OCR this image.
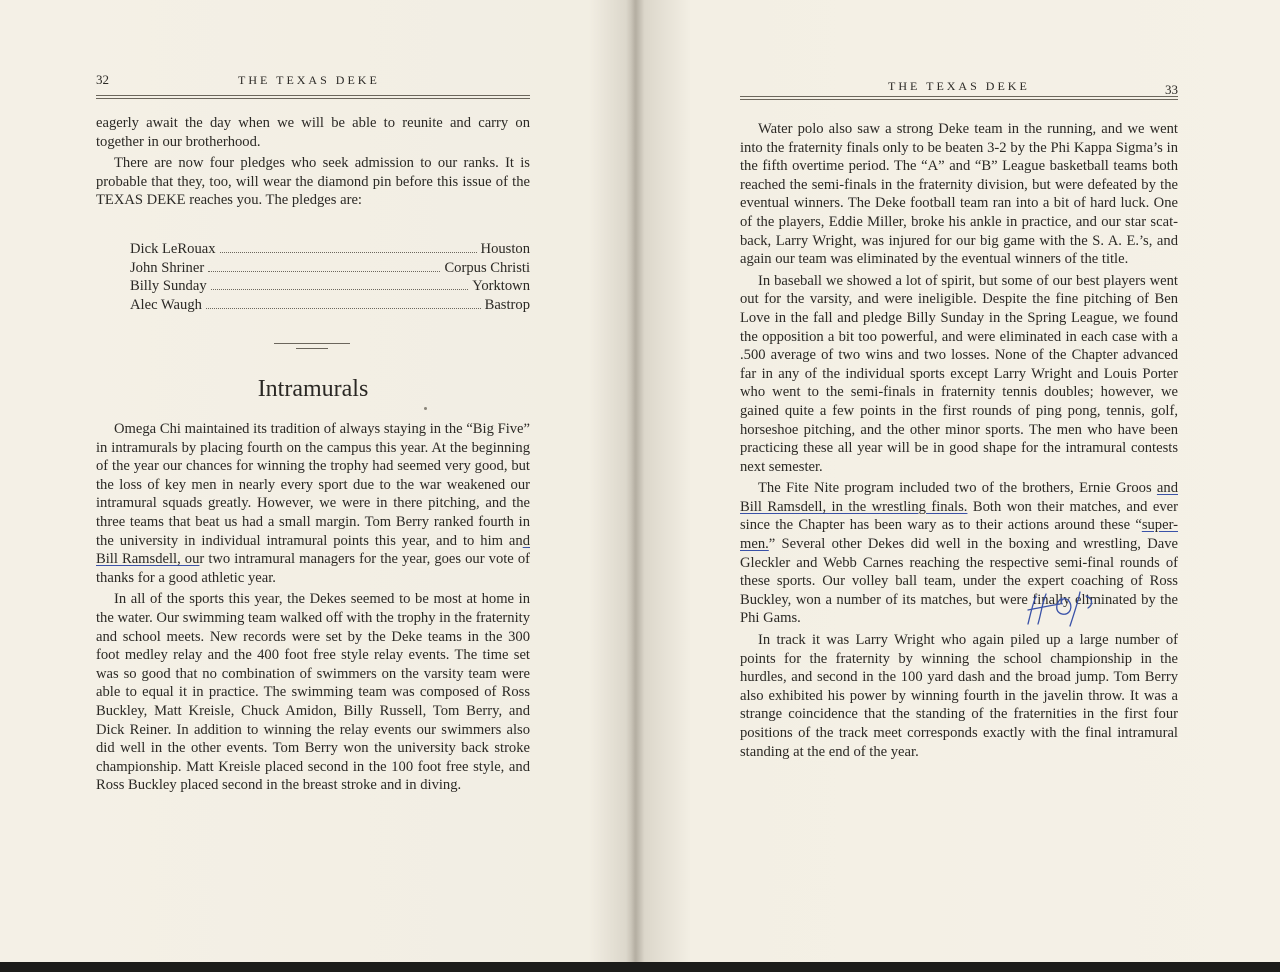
32	THE TEXAS DEKE

eagerly await the day when we will be able to reunite and carry on together in our brotherhood.

There are now four pledges who seek admission to our ranks. It is probable that they, too, will wear the diamond pin before this issue of the TEXAS DEKE reaches you. The pledges are:

Dick LeRouax	Houston
John Shriner	Corpus Christi
Billy Sunday	Yorktown
Alec Waugh	Bastrop
Intramurals

Omega Chi maintained its tradition of always staying in the “Big Five” in intramurals by placing fourth on the campus this year. At the beginning of the year our chances for winning the trophy had seemed very good, but the loss of key men in nearly every sport due to the war weakened our intramural squads greatly. However, we were in there pitching, and the three teams that beat us had a small margin. Tom Berry ranked fourth in the university in individual intramural points this year, and to him and Bill Ramsdell, our two intramural managers for the year, goes our vote of thanks for a good athletic year.

In all of the sports this year, the Dekes seemed to be most at home in the water. Our swimming team walked off with the trophy in the fraternity and school meets. New records were set by the Deke teams in the 300 foot medley relay and the 400 foot free style relay events. The time set was so good that no combination of swimmers on the varsity team were able to equal it in practice. The swimming team was composed of Ross Buckley, Matt Kreisle, Chuck Amidon, Billy Russell, Tom Berry, and Dick Reiner. In addition to winning the relay events our swimmers also did well in the other events. Tom Berry won the university back stroke championship. Matt Kreisle placed second in the 100 foot free style, and Ross Buckley placed second in the breast stroke and in diving.

THE TEXAS DEKE	33

Water polo also saw a strong Deke team in the running, and we went into the fraternity finals only to be beaten 3-2 by the Phi Kappa Sigma’s in the fifth overtime period. The “A” and “B” League basketball teams both reached the semi-finals in the fraternity division, but were defeated by the eventual winners. The Deke football team ran into a bit of hard luck. One of the players, Eddie Miller, broke his ankle in practice, and our star scat-back, Larry Wright, was injured for our big game with the S. A. E.’s, and again our team was eliminated by the eventual winners of the title.

In baseball we showed a lot of spirit, but some of our best players went out for the varsity, and were ineligible. Despite the fine pitching of Ben Love in the fall and pledge Billy Sunday in the Spring League, we found the opposition a bit too powerful, and were eliminated in each case with a .500 average of two wins and two losses. None of the Chapter advanced far in any of the individual sports except Larry Wright and Louis Porter who went to the semi-finals in fraternity tennis doubles; however, we gained quite a few points in the first rounds of ping pong, tennis, golf, horseshoe pitching, and the other minor sports. The men who have been practicing these all year will be in good shape for the intramural contests next semester.

The Fite Nite program included two of the brothers, Ernie Groos and Bill Ramsdell, in the wrestling finals. Both won their matches, and ever since the Chapter has been wary as to their actions around these “super-men.” Several other Dekes did well in the boxing and wrestling, Dave Gleckler and Webb Carnes reaching the respective semi-final rounds of these sports. Our volley ball team, under the expert coaching of Ross Buckley, won a number of its matches, but were finally eliminated by the Phi Gams.

In track it was Larry Wright who again piled up a large number of points for the fraternity by winning the school championship in the hurdles, and second in the 100 yard dash and the broad jump. Tom Berry also exhibited his power by winning fourth in the javelin throw. It was a strange coincidence that the standing of the fraternities in the first four positions of the track meet corresponds exactly with the final intramural standing at the end of the year.
